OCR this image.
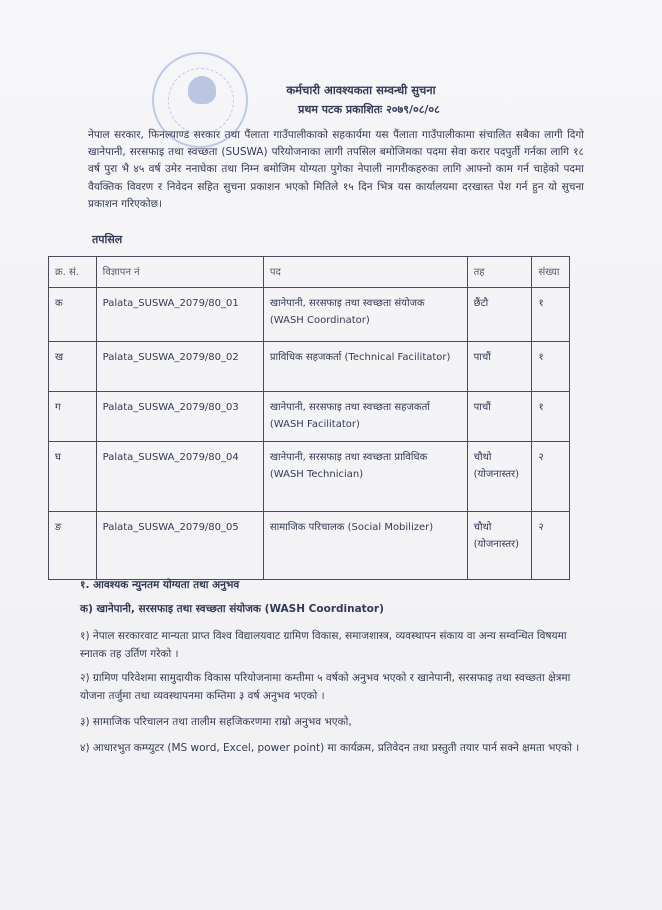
कर्मचारी आवश्यकता सम्वन्धी सुचना
प्रथम पटक प्रकाशितः २०७९/०८/०८
नेपाल सरकार, फिनल्याण्ड सरकार तथा पैंलाता गाउँपालीकाको सहकार्यमा यस पैंलाता गाउँपालीकामा संचालित सबैका लागी दिगो खानेपानी, सरसफाइ तथा स्वच्छता (SUSWA) परियोजनाका लागी तपसिल बमोजिमका पदमा सेवा करार पदपुर्ती गर्नका लागि १८ वर्ष पुरा भै ४५ वर्ष उमेर ननाघेका तथा निम्न बमोजिम योग्यता पुगेका नेपाली नागरीकहरुका लागि आफ्नो काम गर्न चाहेको पदमा वैयक्तिक विवरण र निवेदन सहित सुचना प्रकाशन भएको मितिले १५ दिन भित्र यस कार्यालयमा दरखास्त पेश गर्न हुन यो सुचना प्रकाशन गरिएकोछ।
तपसिल
क्र. सं.	विज्ञापन नं	पद	तह	संख्या
क	Palata_SUSWA_2079/80_01	खानेपानी, सरसफाइ तथा स्वच्छता संयोजक (WASH Coordinator)	छैंटौ	१
ख	Palata_SUSWA_2079/80_02	प्राविधिक सहजकर्ता (Technical Facilitator)	पाचौं	१
ग	Palata_SUSWA_2079/80_03	खानेपानी, सरसफाइ तथा स्वच्छता सहजकर्ता (WASH Facilitator)	पाचौं	१
घ	Palata_SUSWA_2079/80_04	खानेपानी, सरसफाइ तथा स्वच्छता प्राविधिक (WASH Technician)	चौथो (योजनास्तर)	२
ङ	Palata_SUSWA_2079/80_05	सामाजिक परिचालक (Social Mobilizer)	चौथो (योजनास्तर)	२
१. आवश्यक न्युनतम योग्यता तथा अनुभव
क) खानेपानी, सरसफाइ तथा स्वच्छता संयोजक (WASH Coordinator)
१) नेपाल सरकारवाट मान्यता प्राप्त विश्व विद्यालयवाट ग्रामिण विकास, समाजशास्त्र, व्यवस्थापन संकाय वा अन्य सम्वन्धित विषयमा स्नातक तह उर्तिण गरेको ।
२) ग्रामिण परिवेशमा सामुदायीक विकास परियोजनामा कम्तीमा ५ वर्षको अनुभव भएको र खानेपानी, सरसफाइ तथा स्वच्छता क्षेत्रमा योजना तर्जुमा तथा व्यवस्थापनमा कम्तिमा ३ वर्ष अनुभव भएको ।
३) सामाजिक परिचालन तथा तालीम सहजिकरणमा राम्रो अनुभव भएको,
४) आधारभुत कम्प्युटर (MS word, Excel, power point) मा कार्यक्रम, प्रतिवेदन तथा प्रस्तुती तयार पार्न सक्ने क्षमता भएको ।
